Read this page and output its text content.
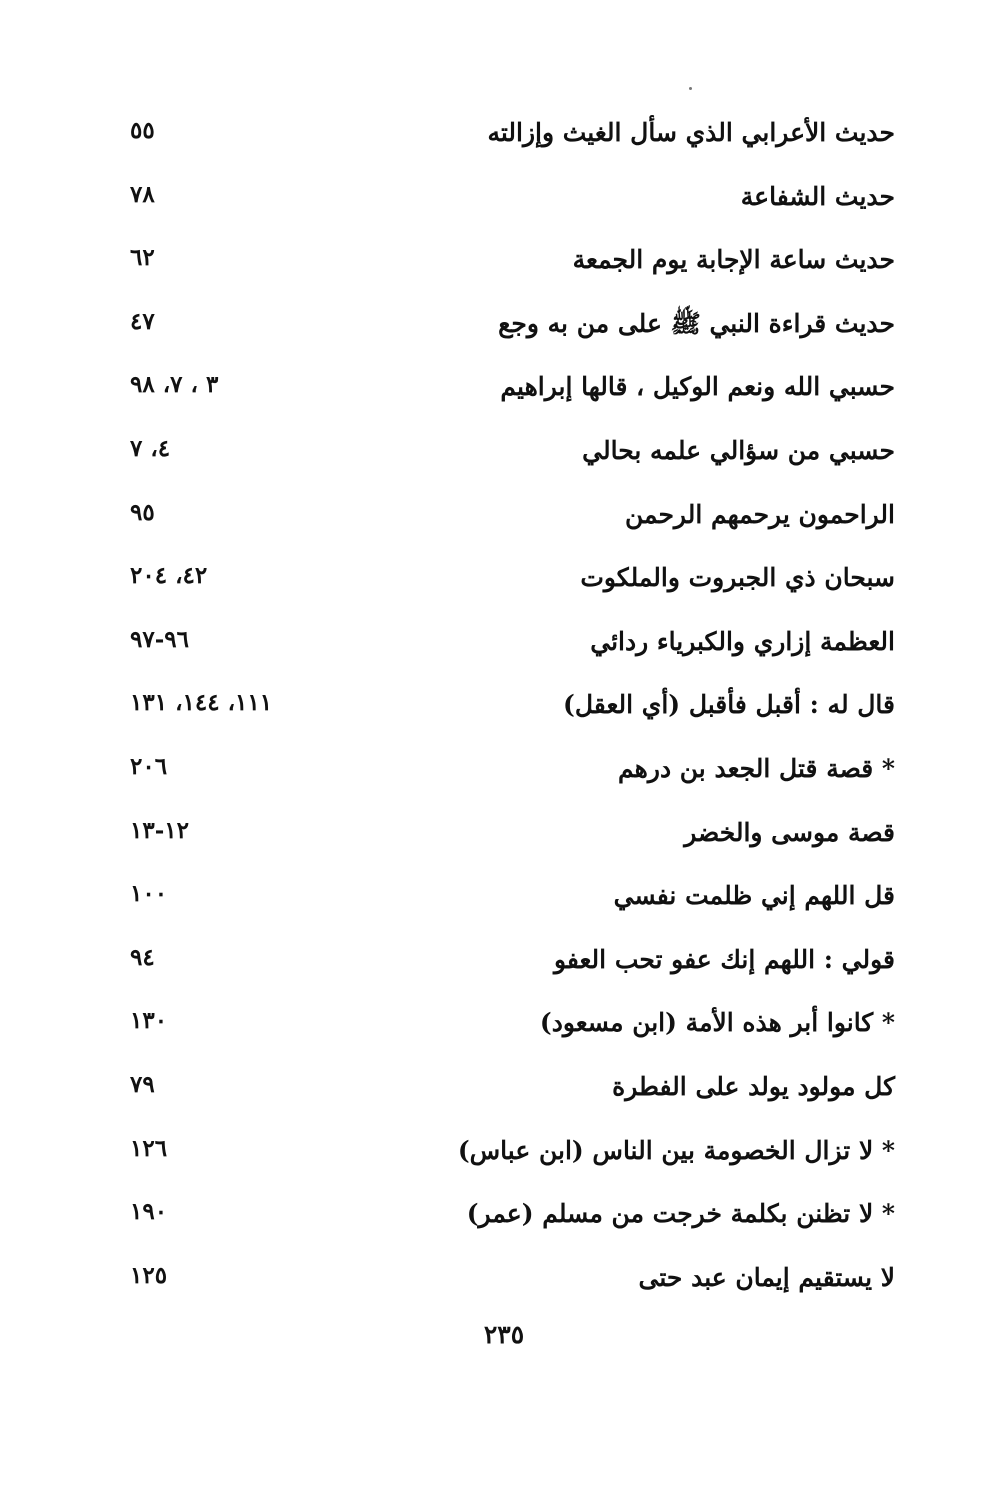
حديث الأعرابي الذي سأل الغيث وإزالته
٥٥
حديث الشفاعة
٧٨
حديث ساعة الإجابة يوم الجمعة
٦٢
حديث قراءة النبي ﷺ على من به وجع
٤٧
حسبي الله ونعم الوكيل ، قالها إبراهيم
٣ ، ٧، ٩٨
حسبي من سؤالي علمه بحالي
٤، ٧
الراحمون يرحمهم الرحمن
٩٥
سبحان ذي الجبروت والملكوت
٤٢، ٢٠٤
العظمة إزاري والكبرياء ردائي
٩٦-٩٧
قال له : أقبل فأقبل (أي العقل)
١١١، ١٤٤، ١٣١
* قصة قتل الجعد بن درهم
٢٠٦
قصة موسى والخضر
١٢-١٣
قل اللهم إني ظلمت نفسي
١٠٠
قولي : اللهم إنك عفو تحب العفو
٩٤
* كانوا أبر هذه الأمة (ابن مسعود)
١٣٠
كل مولود يولد على الفطرة
٧٩
* لا تزال الخصومة بين الناس (ابن عباس)
١٢٦
* لا تظنن بكلمة خرجت من مسلم (عمر)
١٩٠
لا يستقيم إيمان عبد حتى
١٢٥
٢٣٥
